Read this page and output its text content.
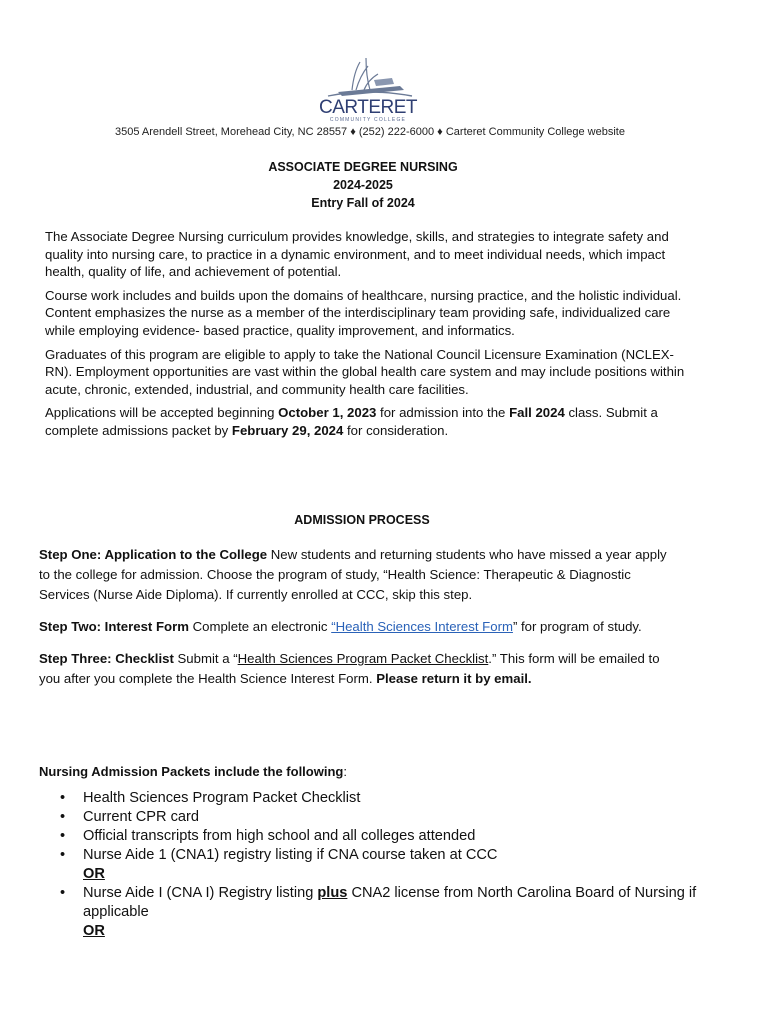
CARTERET
COMMUNITY COLLEGE
3505 Arendell Street, Morehead City, NC 28557 ♦ (252) 222-6000 ♦ Carteret Community College website
ASSOCIATE DEGREE NURSING
2024-2025
Entry Fall of 2024

The Associate Degree Nursing curriculum provides knowledge, skills, and strategies to integrate safety and quality into nursing care, to practice in a dynamic environment, and to meet individual needs, which impact health, quality of life, and achievement of potential.

Course work includes and builds upon the domains of healthcare, nursing practice, and the holistic individual. Content emphasizes the nurse as a member of the interdisciplinary team providing safe, individualized care while employing evidence- based practice, quality improvement, and informatics.

Graduates of this program are eligible to apply to take the National Council Licensure Examination (NCLEX-RN). Employment opportunities are vast within the global health care system and may include positions within acute, chronic, extended, industrial, and community health care facilities.

Applications will be accepted beginning October 1, 2023 for admission into the Fall 2024 class. Submit a complete admissions packet by February 29, 2024 for consideration.

ADMISSION PROCESS

Step One: Application to the College New students and returning students who have missed a year apply to the college for admission. Choose the program of study, “Health Science: Therapeutic & Diagnostic Services (Nurse Aide Diploma). If currently enrolled at CCC, skip this step.

Step Two: Interest Form Complete an electronic “Health Sciences Interest Form” for program of study.

Step Three: Checklist Submit a “Health Sciences Program Packet Checklist.” This form will be emailed to you after you complete the Health Science Interest Form. Please return it by email.

Nursing Admission Packets include the following:
• Health Sciences Program Packet Checklist
• Current CPR card
• Official transcripts from high school and all colleges attended
• Nurse Aide 1 (CNA1) registry listing if CNA course taken at CCC
OR
• Nurse Aide I (CNA I) Registry listing plus CNA2 license from North Carolina Board of Nursing if applicable
OR
